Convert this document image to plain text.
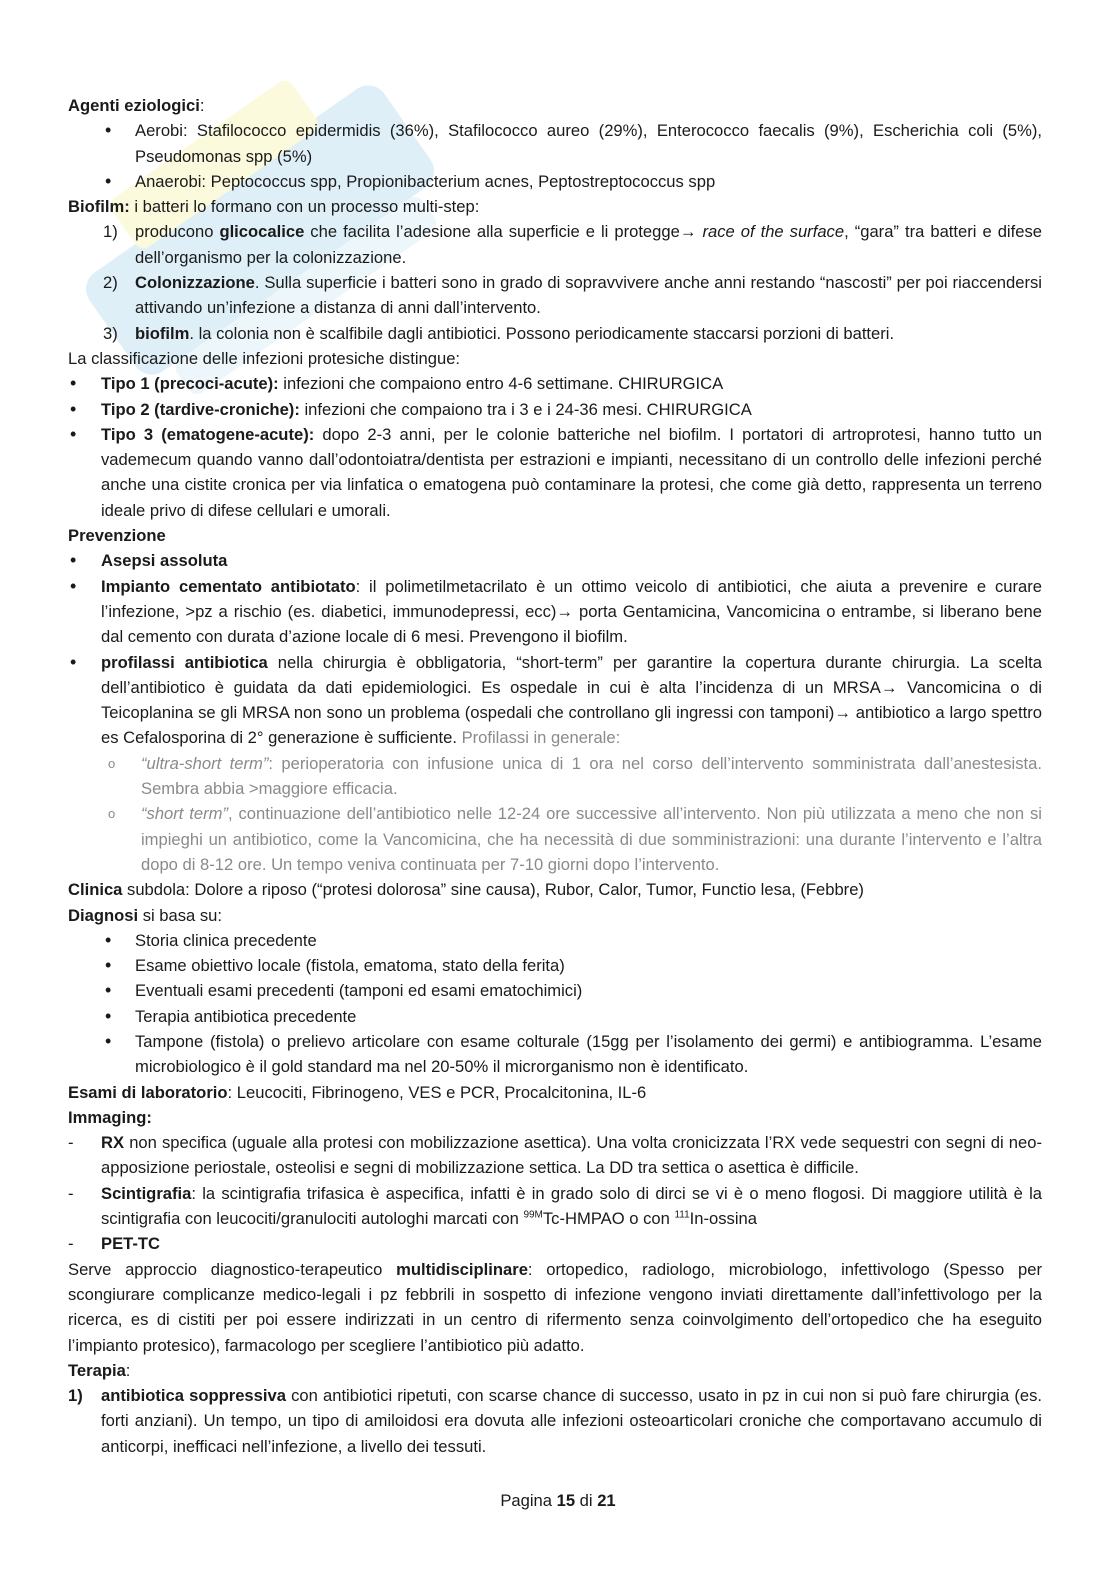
Agenti eziologici:

• Aerobi: Stafilococco epidermidis (36%), Stafilococco aureo (29%), Enterococco faecalis (9%), Escherichia coli (5%), Pseudomonas spp (5%)
• Anaerobi: Peptococcus spp, Propionibacterium acnes, Peptostreptococcus spp

Biofilm: i batteri lo formano con un processo multi-step:

1) producono glicocalice che facilita l’adesione alla superficie e li protegge→ race of the surface, “gara” tra batteri e difese dell’organismo per la colonizzazione.
2) Colonizzazione. Sulla superficie i batteri sono in grado di sopravvivere anche anni restando “nascosti” per poi riaccendersi attivando un’infezione a distanza di anni dall’intervento.
3) biofilm. la colonia non è scalfibile dagli antibiotici. Possono periodicamente staccarsi porzioni di batteri.

La classificazione delle infezioni protesiche distingue:

• Tipo 1 (precoci-acute): infezioni che compaiono entro 4-6 settimane. CHIRURGICA
• Tipo 2 (tardive-croniche): infezioni che compaiono tra i 3 e i 24-36 mesi. CHIRURGICA
• Tipo 3 (ematogene-acute): dopo 2-3 anni, per le colonie batteriche nel biofilm. I portatori di artroprotesi, hanno tutto un vademecum quando vanno dall’odontoiatra/dentista per estrazioni e impianti, necessitano di un controllo delle infezioni perché anche una cistite cronica per via linfatica o ematogena può contaminare la protesi, che come già detto, rappresenta un terreno ideale privo di difese cellulari e umorali.

Prevenzione

• Asepsi assoluta
• Impianto cementato antibiotato: il polimetilmetacrilato è un ottimo veicolo di antibiotici, che aiuta a prevenire e curare l’infezione, >pz a rischio (es. diabetici, immunodepressi, ecc)→ porta Gentamicina, Vancomicina o entrambe, si liberano bene dal cemento con durata d’azione locale di 6 mesi. Prevengono il biofilm.
• profilassi antibiotica nella chirurgia è obbligatoria, “short-term” per garantire la copertura durante chirurgia. La scelta dell’antibiotico è guidata da dati epidemiologici. Es ospedale in cui è alta l’incidenza di un MRSA→ Vancomicina o di Teicoplanina se gli MRSA non sono un problema (ospedali che controllano gli ingressi con tamponi)→ antibiotico a largo spettro es Cefalosporina di 2° generazione è sufficiente. Profilassi in generale:
o “ultra-short term”: perioperatoria con infusione unica di 1 ora nel corso dell’intervento somministrata dall’anestesista. Sembra abbia >maggiore efficacia.
o “short term”, continuazione dell’antibiotico nelle 12-24 ore successive all’intervento. Non più utilizzata a meno che non si impieghi un antibiotico, come la Vancomicina, che ha necessità di due somministrazioni: una durante l’intervento e l’altra dopo di 8-12 ore. Un tempo veniva continuata per 7-10 giorni dopo l’intervento.

Clinica subdola: Dolore a riposo (“protesi dolorosa” sine causa), Rubor, Calor, Tumor, Functio lesa, (Febbre)

Diagnosi si basa su:

• Storia clinica precedente
• Esame obiettivo locale (fistola, ematoma, stato della ferita)
• Eventuali esami precedenti (tamponi ed esami ematochimici)
• Terapia antibiotica precedente
• Tampone (fistola) o prelievo articolare con esame colturale (15gg per l’isolamento dei germi) e antibiogramma. L’esame microbiologico è il gold standard ma nel 20-50% il microrganismo non è identificato.

Esami di laboratorio: Leucociti, Fibrinogeno, VES e PCR, Procalcitonina, IL-6

Immaging:

- RX non specifica (uguale alla protesi con mobilizzazione asettica). Una volta cronicizzata l’RX vede sequestri con segni di neo-apposizione periostale, osteolisi e segni di mobilizzazione settica. La DD tra settica o asettica è difficile.
- Scintigrafia: la scintigrafia trifasica è aspecifica, infatti è in grado solo di dirci se vi è o meno flogosi. Di maggiore utilità è la scintigrafia con leucociti/granulociti autologhi marcati con $^{99M}$Tc-HMPAO o con $^{111}$In-ossina
- PET-TC

Serve approccio diagnostico-terapeutico multidisciplinare: ortopedico, radiologo, microbiologo, infettivologo (Spesso per scongiurare complicanze medico-legali i pz febbrili in sospetto di infezione vengono inviati direttamente dall’infettivologo per la ricerca, es di cistiti per poi essere indirizzati in un centro di rifermento senza coinvolgimento dell’ortopedico che ha eseguito l’impianto protesico), farmacologo per scegliere l’antibiotico più adatto.

Terapia:

1) antibiotica soppressiva con antibiotici ripetuti, con scarse chance di successo, usato in pz in cui non si può fare chirurgia (es. forti anziani). Un tempo, un tipo di amiloidosi era dovuta alle infezioni osteoarticolari croniche che comportavano accumulo di anticorpi, inefficaci nell’infezione, a livello dei tessuti.
Pagina 15 di 21
